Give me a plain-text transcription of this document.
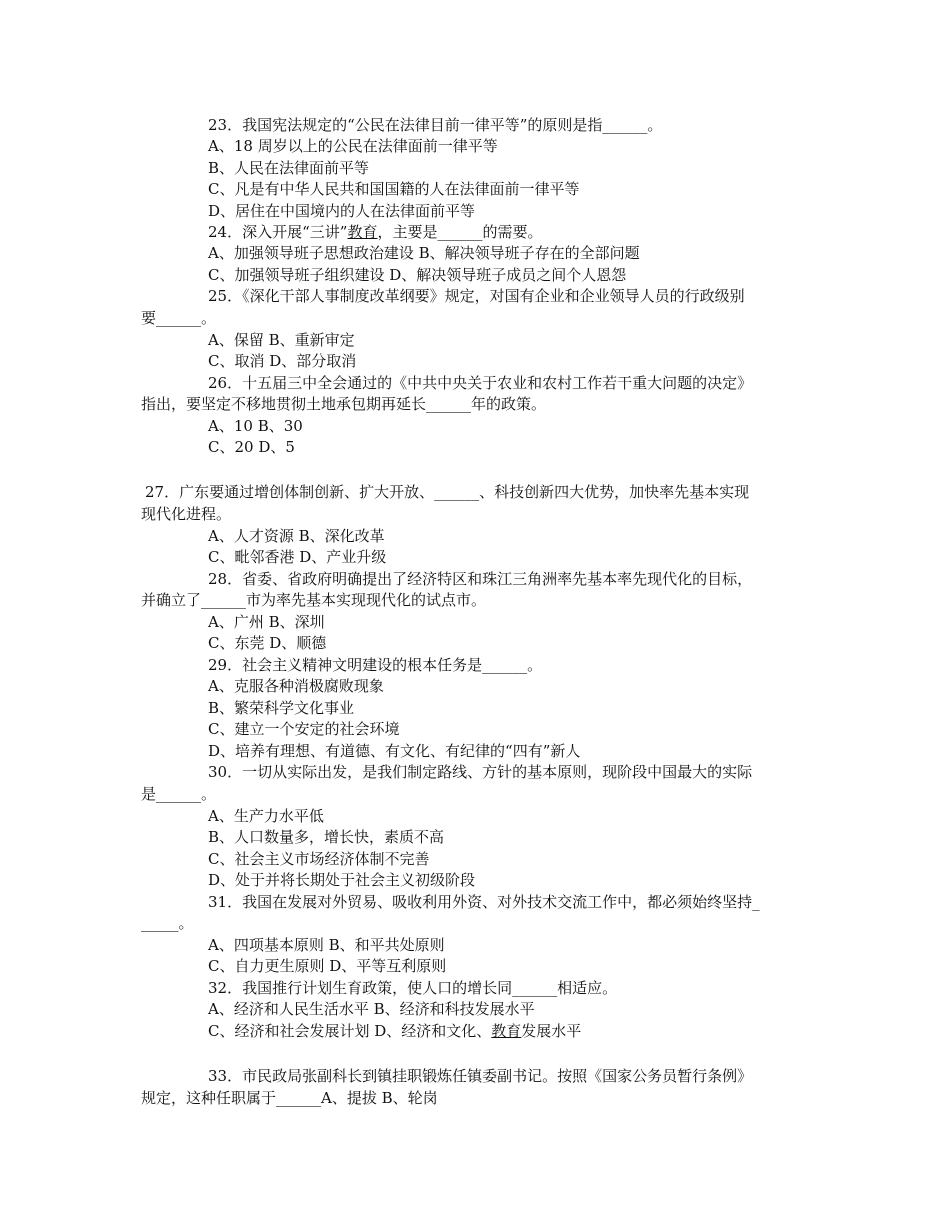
23．我国宪法规定的“公民在法律目前一律平等”的原则是指______。
A、18 周岁以上的公民在法律面前一律平等
B、人民在法律面前平等
C、凡是有中华人民共和国国籍的人在法律面前一律平等
D、居住在中国境内的人在法律面前平等
24．深入开展“三讲”教育，主要是______的需要。
A、加强领导班子思想政治建设 B、解决领导班子存在的全部问题
C、加强领导班子组织建设 D、解决领导班子成员之间个人恩怨
25．《深化干部人事制度改革纲要》规定，对国有企业和企业领导人员的行政级别
要______。
A、保留 B、重新审定
C、取消 D、部分取消
26．十五届三中全会通过的《中共中央关于农业和农村工作若干重大问题的决定》
指出，要坚定不移地贯彻土地承包期再延长______年的政策。
A、10 B、30
C、20 D、5
27．广东要通过增创体制创新、扩大开放、______、科技创新四大优势，加快率先基本实现
现代化进程。
A、人才资源 B、深化改革
C、毗邻香港 D、产业升级
28．省委、省政府明确提出了经济特区和珠江三角洲率先基本率先现代化的目标，
并确立了______市为率先基本实现现代化的试点市。
A、广州 B、深圳
C、东莞 D、顺德
29．社会主义精神文明建设的根本任务是______。
A、克服各种消极腐败现象
B、繁荣科学文化事业
C、建立一个安定的社会环境
D、培养有理想、有道德、有文化、有纪律的“四有”新人
30．一切从实际出发，是我们制定路线、方针的基本原则，现阶段中国最大的实际
是______。
A、生产力水平低
B、人口数量多，增长快，素质不高
C、社会主义市场经济体制不完善
D、处于并将长期处于社会主义初级阶段
31．我国在发展对外贸易、吸收利用外资、对外技术交流工作中，都必须始终坚持_
_____。
A、四项基本原则 B、和平共处原则
C、自力更生原则 D、平等互利原则
32．我国推行计划生育政策，使人口的增长同______相适应。
A、经济和人民生活水平 B、经济和科技发展水平
C、经济和社会发展计划 D、经济和文化、教育发展水平
33．市民政局张副科长到镇挂职锻炼任镇委副书记。按照《国家公务员暂行条例》
规定，这种任职属于______A、提拔 B、轮岗
